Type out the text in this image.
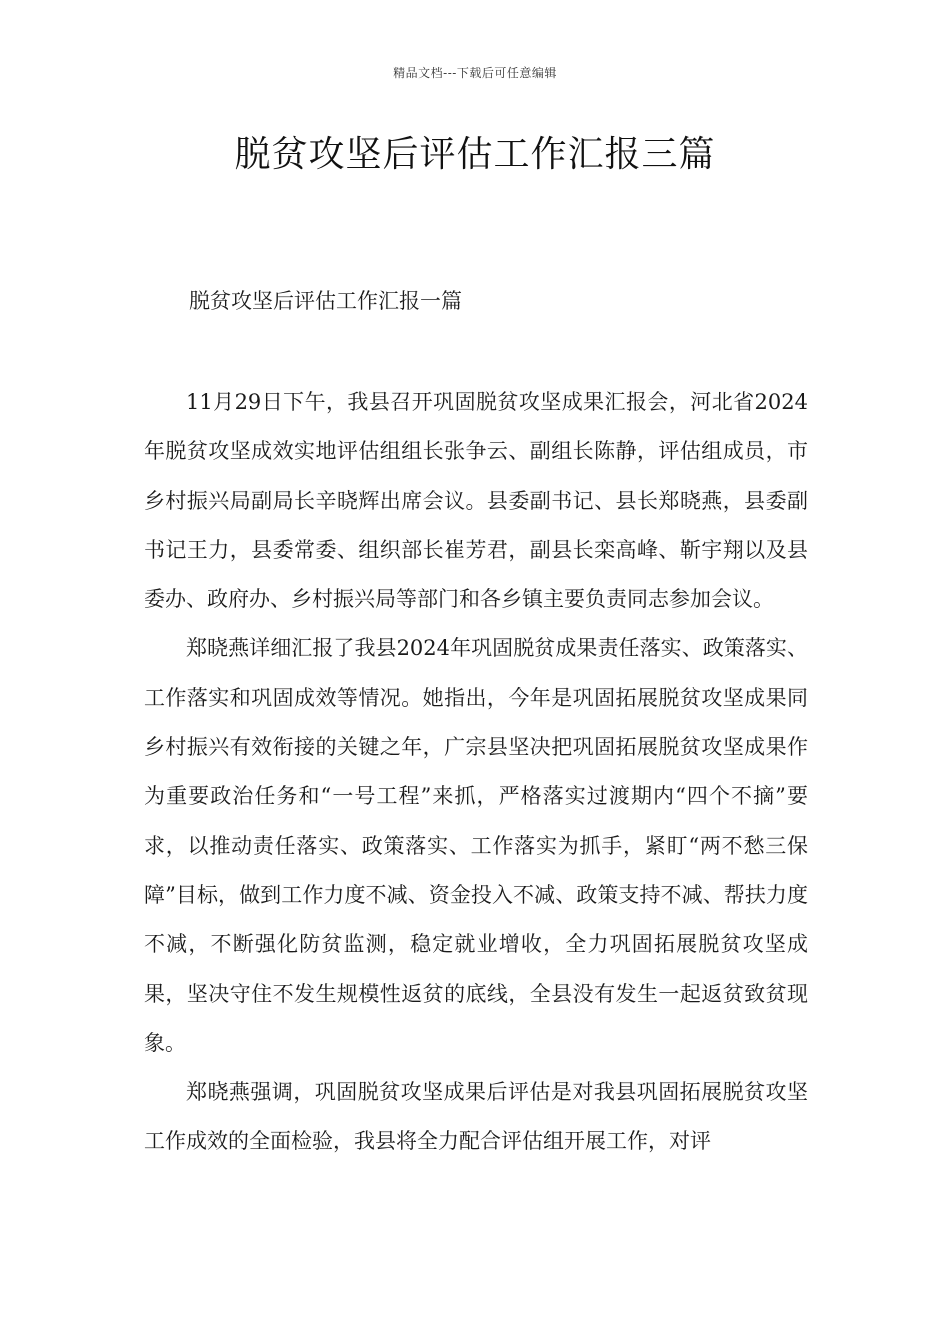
精品文档---下载后可任意编辑
脱贫攻坚后评估工作汇报三篇
脱贫攻坚后评估工作汇报一篇

11月29日下午，我县召开巩固脱贫攻坚成果汇报会，河北省2024年脱贫攻坚成效实地评估组组长张争云、副组长陈静，评估组成员，市乡村振兴局副局长辛晓辉出席会议。县委副书记、县长郑晓燕，县委副书记王力，县委常委、组织部长崔芳君，副县长栾高峰、靳宇翔以及县委办、政府办、乡村振兴局等部门和各乡镇主要负责同志参加会议。

郑晓燕详细汇报了我县2024年巩固脱贫成果责任落实、政策落实、工作落实和巩固成效等情况。她指出，今年是巩固拓展脱贫攻坚成果同乡村振兴有效衔接的关键之年，广宗县坚决把巩固拓展脱贫攻坚成果作为重要政治任务和“一号工程”来抓，严格落实过渡期内“四个不摘”要求，以推动责任落实、政策落实、工作落实为抓手，紧盯“两不愁三保障”目标，做到工作力度不减、资金投入不减、政策支持不减、帮扶力度不减，不断强化防贫监测，稳定就业增收，全力巩固拓展脱贫攻坚成果，坚决守住不发生规模性返贫的底线，全县没有发生一起返贫致贫现象。

郑晓燕强调，巩固脱贫攻坚成果后评估是对我县巩固拓展脱贫攻坚工作成效的全面检验，我县将全力配合评估组开展工作，对评
